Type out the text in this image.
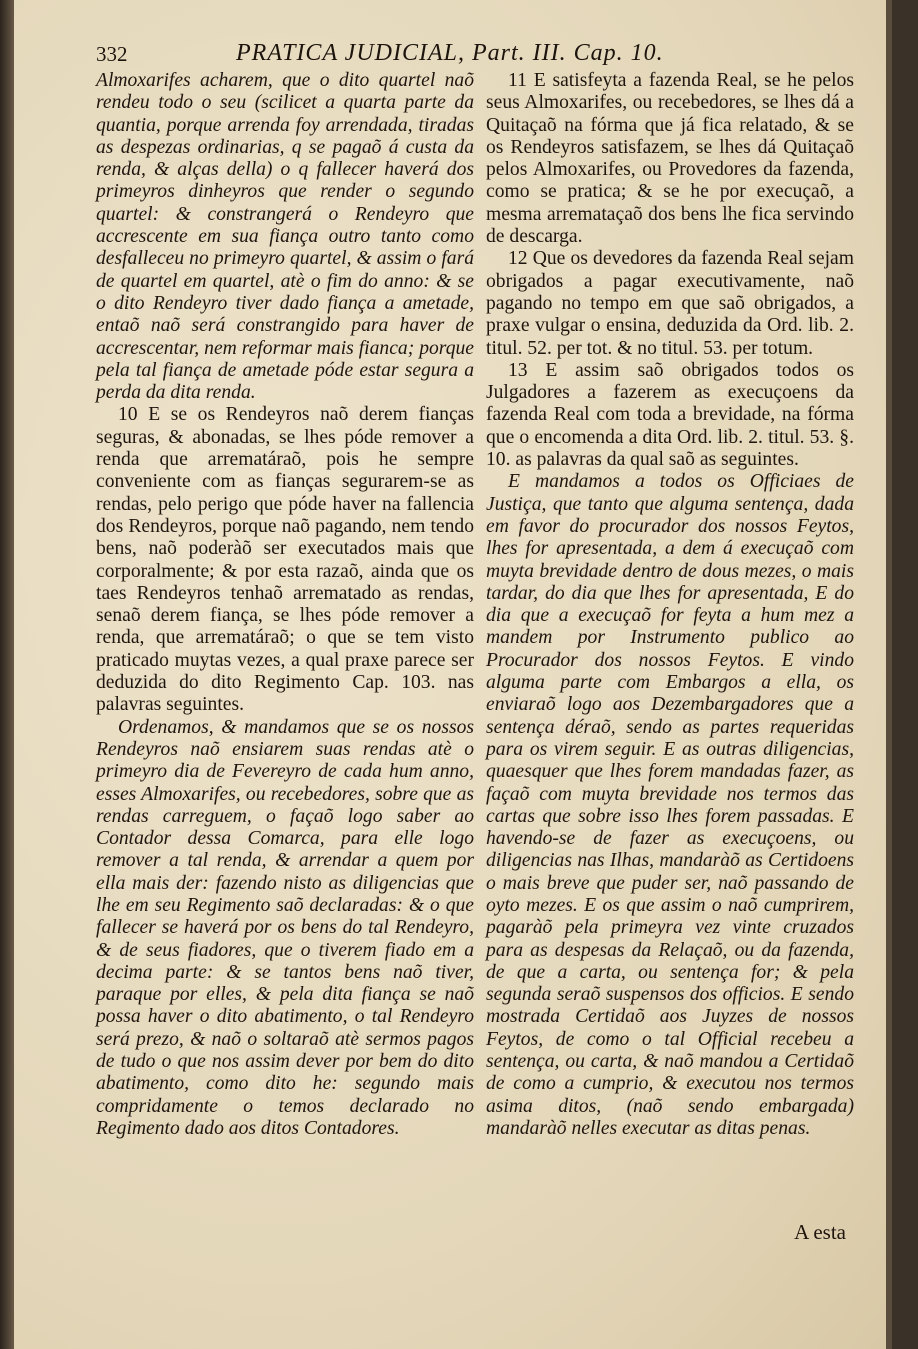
332	PRATICA JUDICIAL, Part. III. Cap. 10.

Almoxarifes acharem, que o dito quartel naõ rendeu todo o seu (scilicet a quarta parte da quantia, porque arrenda foy arrendada, tiradas as despezas ordinarias, q se pagaõ á custa da renda, & alças della) o q fallecer haverá dos primeyros dinheyros que render o segundo quartel: & constrangerá o Rendeyro que accrescente em sua fiança outro tanto como desfalleceu no primeyro quartel, & assim o fará de quartel em quartel, atè o fim do anno: & se o dito Rendeyro tiver dado fiança a ametade, entaõ naõ será constrangido para haver de accrescentar, nem reformar mais fianca; porque pela tal fiança de ametade póde estar segura a perda da dita renda.

10 E se os Rendeyros naõ derem fianças seguras, & abonadas, se lhes póde remover a renda que arrematáraõ, pois he sempre conveniente com as fianças segurarem-se as rendas, pelo perigo que póde haver na fallencia dos Rendeyros, porque naõ pagando, nem tendo bens, naõ poderàõ ser executados mais que corporalmente; & por esta razaõ, ainda que os taes Rendeyros tenhaõ arrematado as rendas, senaõ derem fiança, se lhes póde remover a renda, que arrematáraõ; o que se tem visto praticado muytas vezes, a qual praxe parece ser deduzida do dito Regimento Cap. 103. nas palavras seguintes.

Ordenamos, & mandamos que se os nossos Rendeyros naõ ensiarem suas rendas atè o primeyro dia de Fevereyro de cada hum anno, esses Almoxarifes, ou recebedores, sobre que as rendas carreguem, o façaõ logo saber ao Contador dessa Comarca, para elle logo remover a tal renda, & arrendar a quem por ella mais der: fazendo nisto as diligencias que lhe em seu Regimento saõ declaradas: & o que fallecer se haverá por os bens do tal Rendeyro, & de seus fiadores, que o tiverem fiado em a decima parte: & se tantos bens naõ tiver, paraque por elles, & pela dita fiança se naõ possa haver o dito abatimento, o tal Rendeyro será prezo, & naõ o soltaraõ atè sermos pagos de tudo o que nos assim dever por bem do dito abatimento, como dito he: segundo mais compridamente o temos declarado no Regimento dado aos ditos Contadores.

11 E satisfeyta a fazenda Real, se he pelos seus Almoxarifes, ou recebedores, se lhes dá a Quitaçaõ na fórma que já fica relatado, & se os Rendeyros satisfazem, se lhes dá Quitaçaõ pelos Almoxarifes, ou Provedores da fazenda, como se pratica; & se he por execuçaõ, a mesma arremataçaõ dos bens lhe fica servindo de descarga.

12 Que os devedores da fazenda Real sejam obrigados a pagar executivamente, naõ pagando no tempo em que saõ obrigados, a praxe vulgar o ensina, deduzida da Ord. lib. 2. titul. 52. per tot. & no titul. 53. per totum.

13 E assim saõ obrigados todos os Julgadores a fazerem as execuçoens da fazenda Real com toda a brevidade, na fórma que o encomenda a dita Ord. lib. 2. titul. 53. §. 10. as palavras da qual saõ as seguintes.

E mandamos a todos os Officiaes de Justiça, que tanto que alguma sentença, dada em favor do procurador dos nossos Feytos, lhes for apresentada, a dem á execuçaõ com muyta brevidade dentro de dous mezes, o mais tardar, do dia que lhes for apresentada, E do dia que a execuçaõ for feyta a hum mez a mandem por Instrumento publico ao Procurador dos nossos Feytos. E vindo alguma parte com Embargos a ella, os enviaraõ logo aos Dezembargadores que a sentença déraõ, sendo as partes requeridas para os virem seguir. E as outras diligencias, quaesquer que lhes forem mandadas fazer, as façaõ com muyta brevidade nos termos das cartas que sobre isso lhes forem passadas. E havendo-se de fazer as execuçoens, ou diligencias nas Ilhas, mandaràõ as Certidoens o mais breve que puder ser, naõ passando de oyto mezes. E os que assim o naõ cumprirem, pagaràõ pela primeyra vez vinte cruzados para as despesas da Relaçaõ, ou da fazenda, de que a carta, ou sentença for; & pela segunda seraõ suspensos dos officios. E sendo mostrada Certidaõ aos Juyzes de nossos Feytos, de como o tal Official recebeu a sentença, ou carta, & naõ mandou a Certidaõ de como a cumprio, & executou nos termos asima ditos, (naõ sendo embargada) mandaràõ nelles executar as ditas penas.

A esta
